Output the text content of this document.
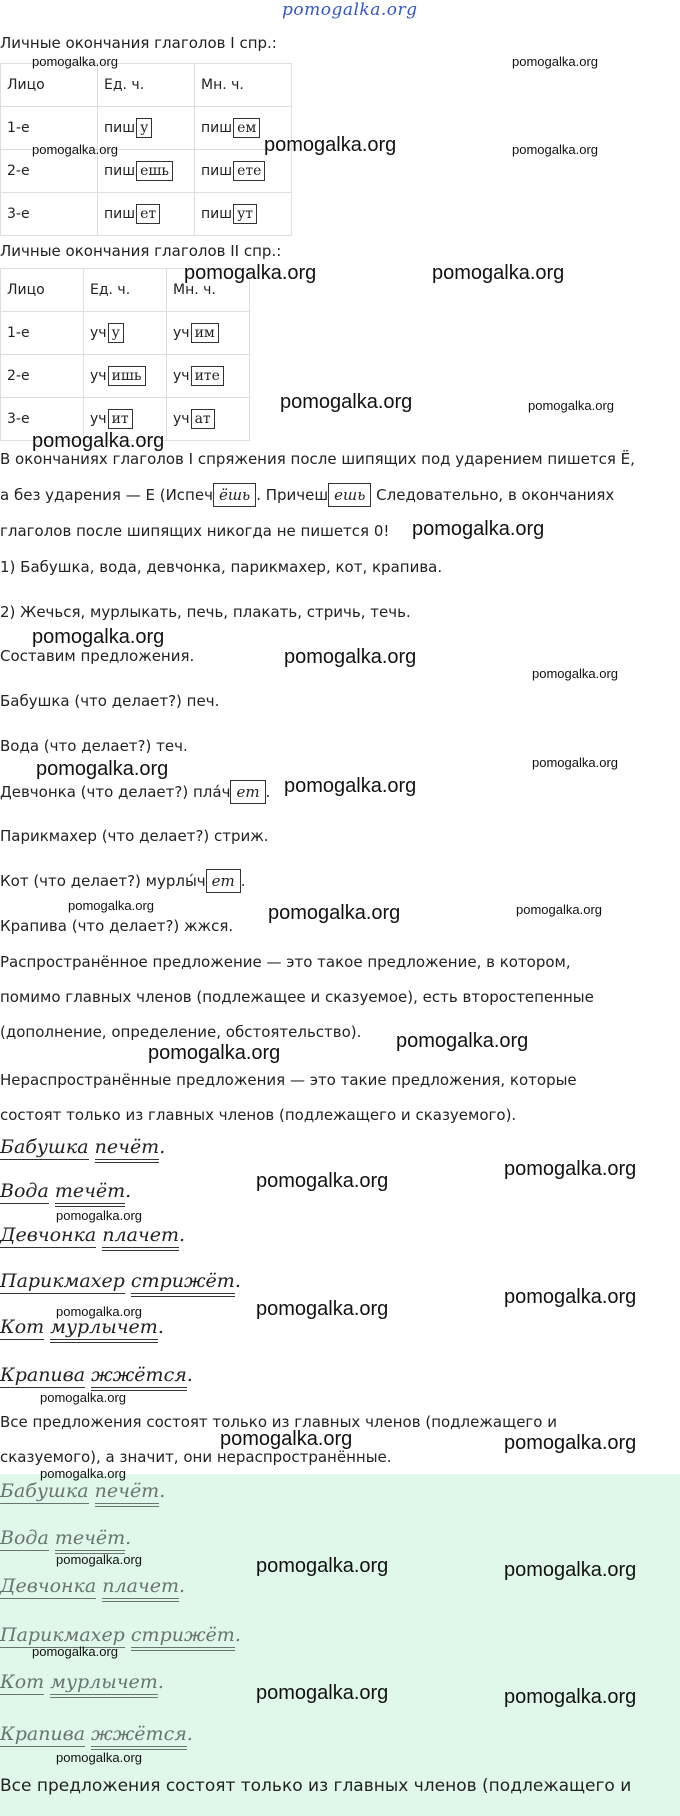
pomogalka.org
Личные окончания глаголов I спр.:
Лицо	Ед. ч.	Мн. ч.
1-е	пиш у	пиш ем
2-е	пиш ешь	пиш ете
3-е	пиш ет	пиш ут
Личные окончания глаголов II спр.:
Лицо	Ед. ч.	Мн. ч.
1-е	уч у	уч им
2-е	уч ишь	уч ите
3-е	уч ит	уч ат
В окончаниях глаголов I спряжения после шипящих под ударением пишется Ё,
а без ударения — Е (Испеч ёшь . Причеш ешь Следовательно, в окончаниях
глаголов после шипящих никогда не пишется 0!
1) Бабушка, вода, девчонка, парикмахер, кот, крапива.
2) Жечься, мурлыкать, печь, плакать, стричь, течь.
Составим предложения.
Бабушка (что делает?) печ.
Вода (что делает?) теч.
Девчонка (что делает?) пла́ч ет .
Парикмахер (что делает?) стриж.
Кот (что делает?) мурлы́ч ет .
Крапива (что делает?) жжся.
Распространённое предложение — это такое предложение, в котором,
помимо главных членов (подлежащее и сказуемое), есть второстепенные
(дополнение, определение, обстоятельство).
Нераспространённые предложения — это такие предложения, которые
состоят только из главных членов (подлежащего и сказуемого).
Бабушка печёт.
Вода течёт.
Девчонка плачет.
Парикмахер стрижёт.
Кот мурлычет.
Крапива жжётся.
Все предложения состоят только из главных членов (подлежащего и
сказуемого), а значит, они нераспространённые.
Бабушка печёт.
Вода течёт.
Девчонка плачет.
Парикмахер стрижёт.
Кот мурлычет.
Крапива жжётся.
Все предложения состоят только из главных членов (подлежащего и
pomogalka.org	pomogalka.org
pomogalka.org	pomogalka.org	pomogalka.org
pomogalka.org	pomogalka.org
pomogalka.org	pomogalka.org
pomogalka.org
pomogalka.org
pomogalka.org
pomogalka.org
pomogalka.org
pomogalka.org	pomogalka.org
pomogalka.org
pomogalka.org	pomogalka.org	pomogalka.org
pomogalka.org
pomogalka.org
pomogalka.org
pomogalka.org
pomogalka.org
pomogalka.org
pomogalka.org
pomogalka.org
pomogalka.org
pomogalka.org	pomogalka.org
pomogalka.org
pomogalka.org	pomogalka.org	pomogalka.org
pomogalka.org
pomogalka.org	pomogalka.org
pomogalka.org
